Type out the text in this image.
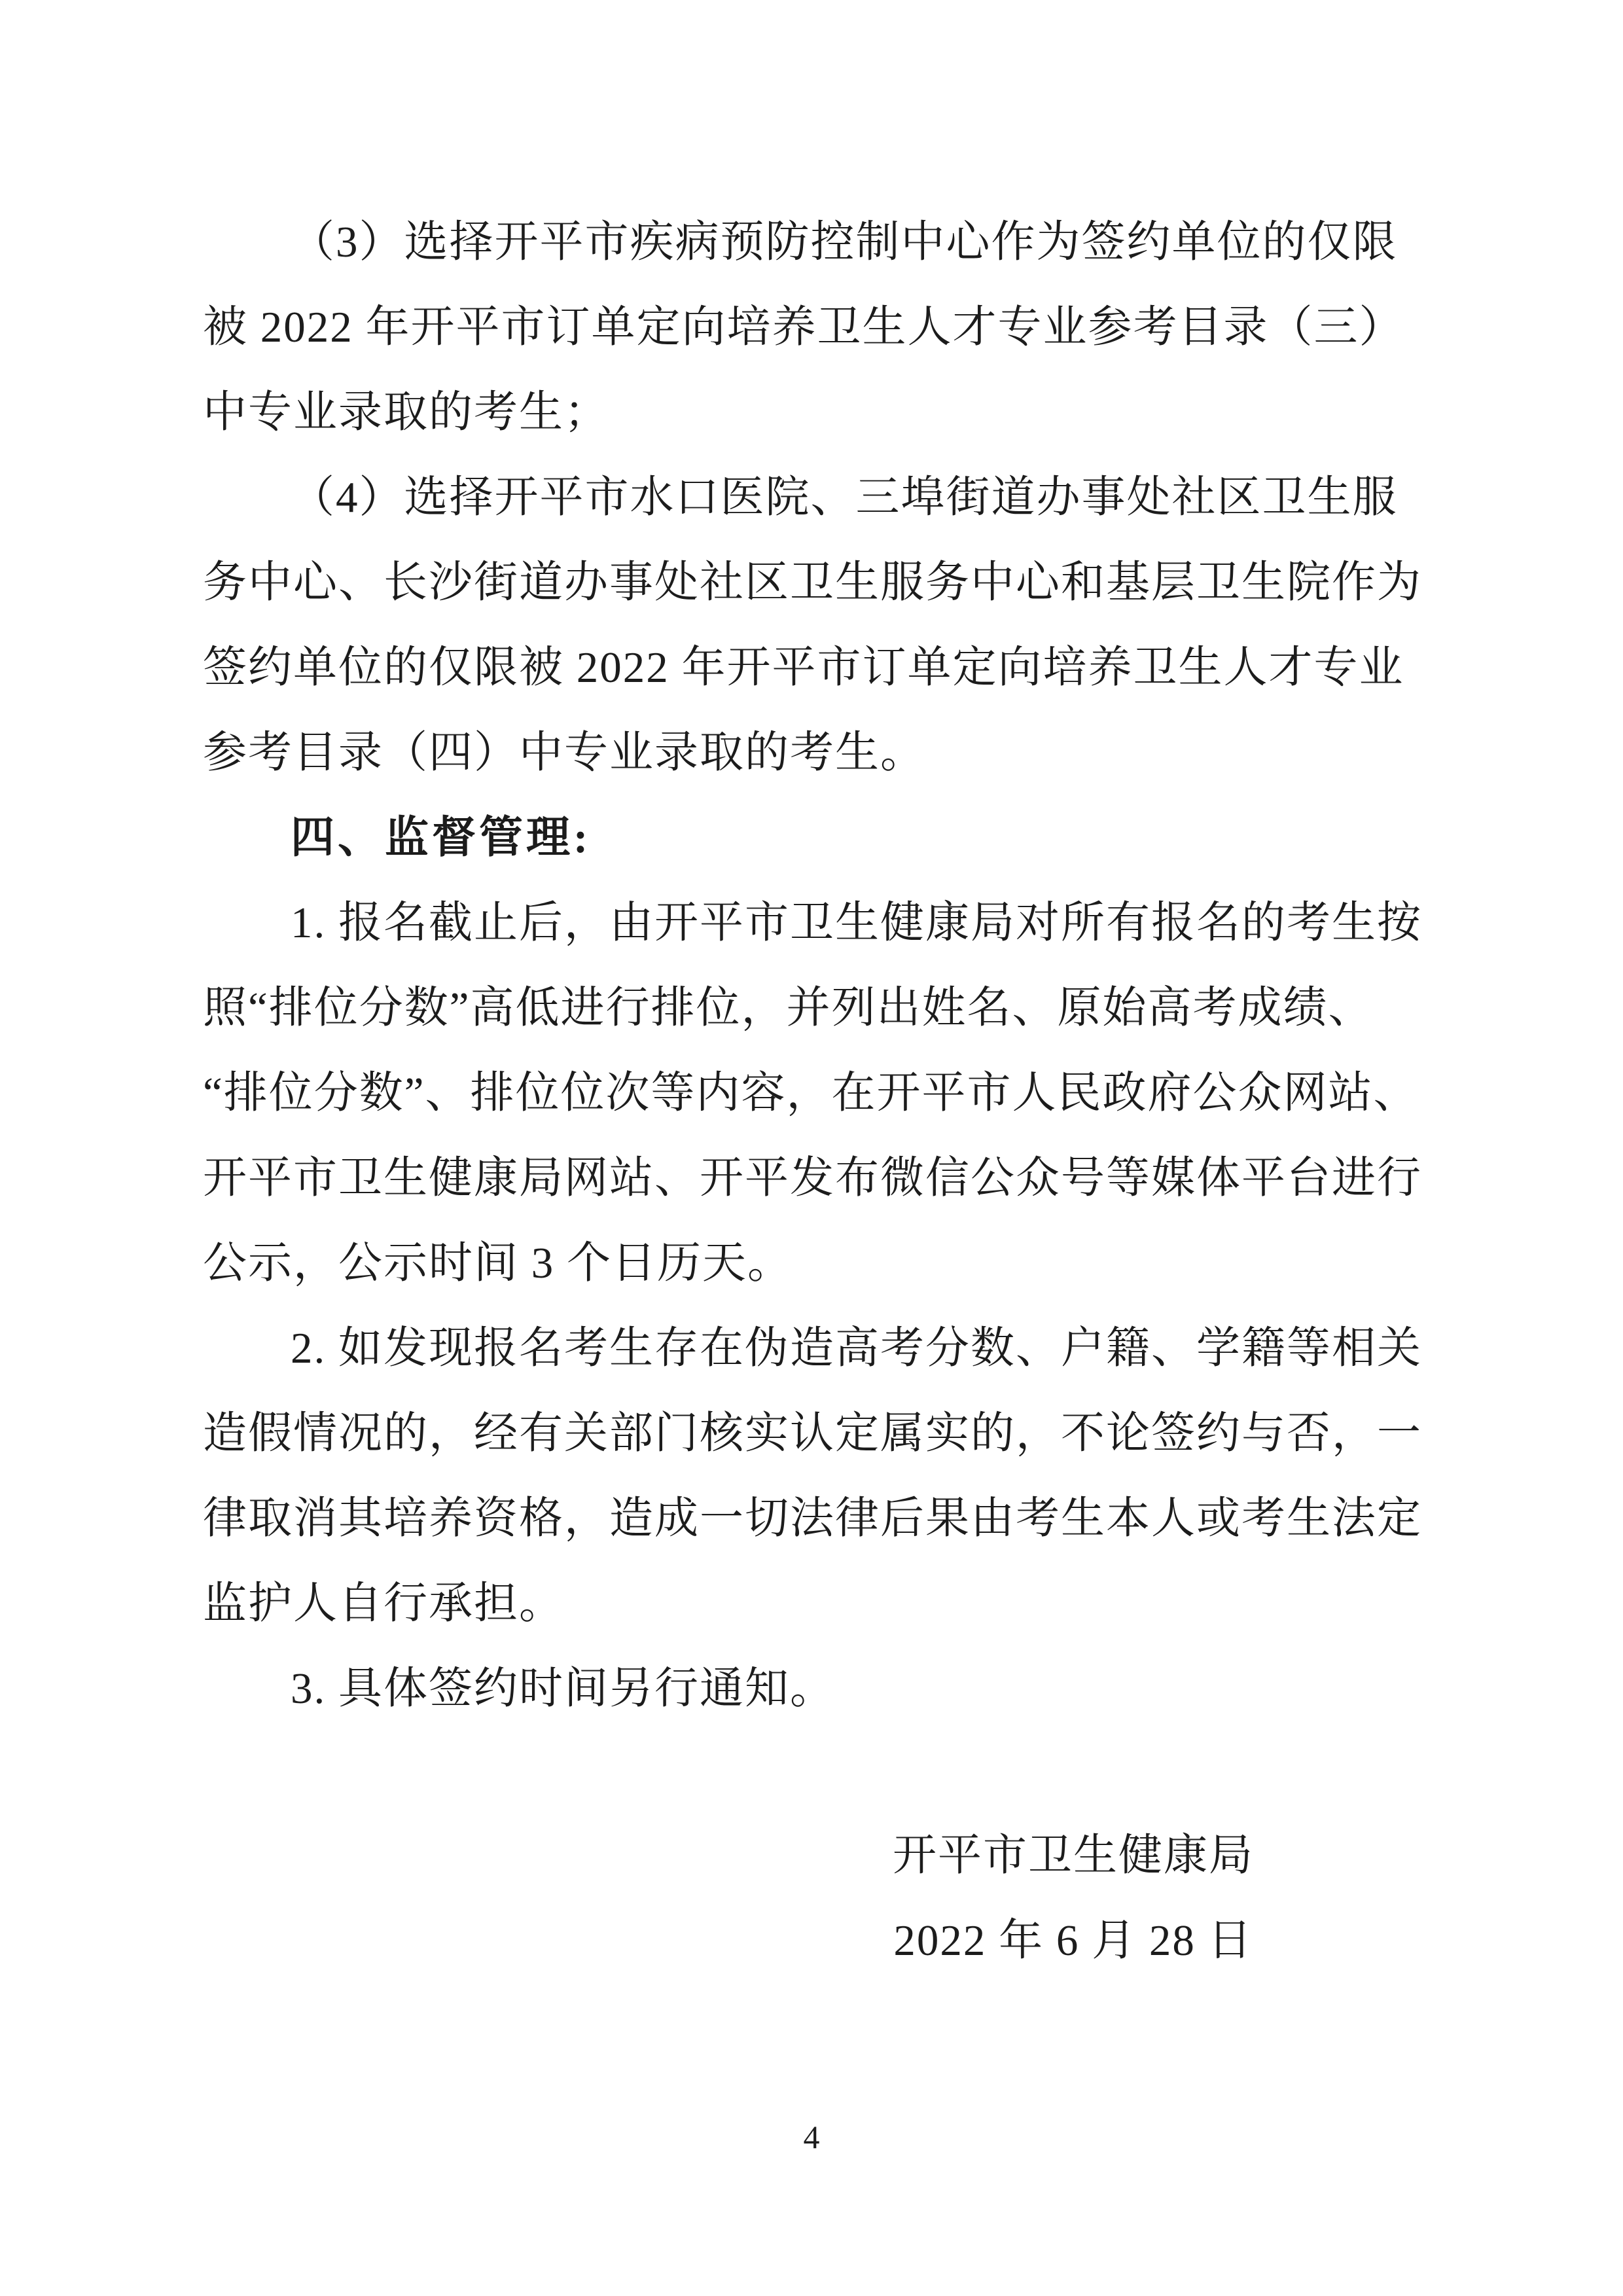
（3）选择开平市疾病预防控制中心作为签约单位的仅限
被 2022 年开平市订单定向培养卫生人才专业参考目录（三）
中专业录取的考生；
（4）选择开平市水口医院、三埠街道办事处社区卫生服
务中心、长沙街道办事处社区卫生服务中心和基层卫生院作为
签约单位的仅限被 2022 年开平市订单定向培养卫生人才专业
参考目录（四）中专业录取的考生。
四、监督管理:
1. 报名截止后，由开平市卫生健康局对所有报名的考生按
照“排位分数”高低进行排位，并列出姓名、原始高考成绩、
“排位分数”、排位位次等内容，在开平市人民政府公众网站、
开平市卫生健康局网站、开平发布微信公众号等媒体平台进行
公示，公示时间 3 个日历天。
2. 如发现报名考生存在伪造高考分数、户籍、学籍等相关
造假情况的，经有关部门核实认定属实的，不论签约与否，一
律取消其培养资格，造成一切法律后果由考生本人或考生法定
监护人自行承担。
3. 具体签约时间另行通知。
开平市卫生健康局
2022 年 6 月 28 日
4
